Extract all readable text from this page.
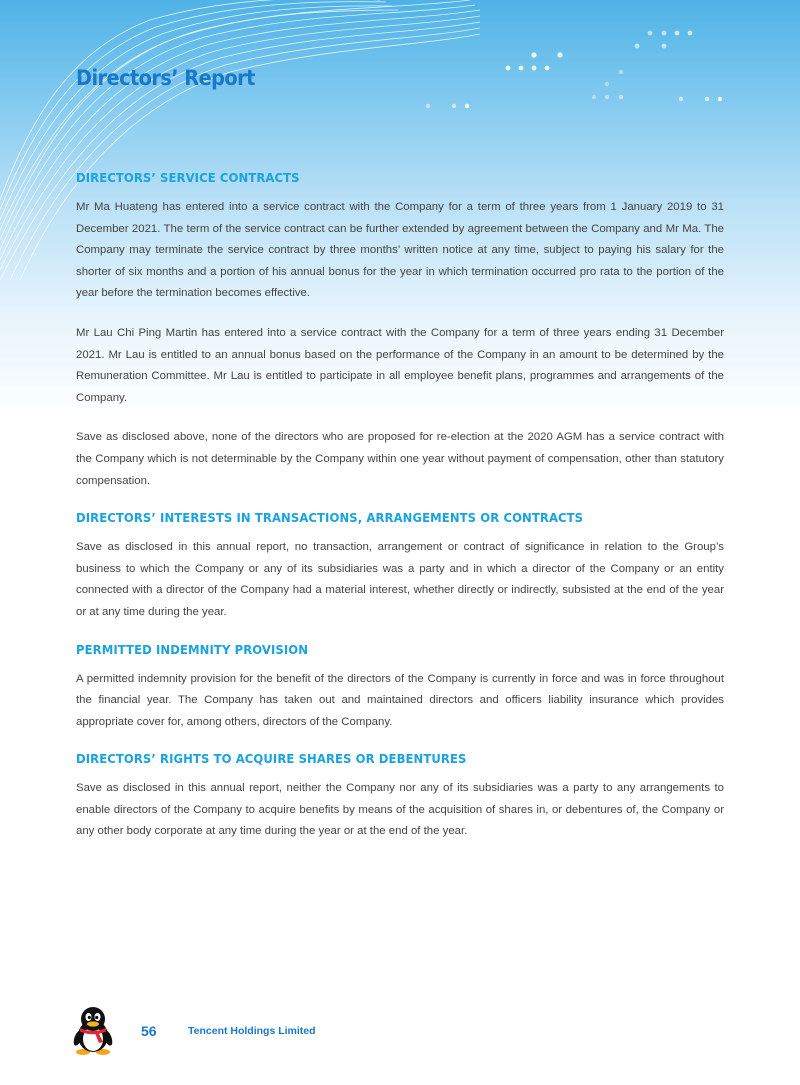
Directors’ Report
DIRECTORS’ SERVICE CONTRACTS

Mr Ma Huateng has entered into a service contract with the Company for a term of three years from 1 January 2019 to 31 December 2021. The term of the service contract can be further extended by agreement between the Company and Mr Ma. The Company may terminate the service contract by three months’ written notice at any time, subject to paying his salary for the shorter of six months and a portion of his annual bonus for the year in which termination occurred pro rata to the portion of the year before the termination becomes effective.

Mr Lau Chi Ping Martin has entered into a service contract with the Company for a term of three years ending 31 December 2021. Mr Lau is entitled to an annual bonus based on the performance of the Company in an amount to be determined by the Remuneration Committee. Mr Lau is entitled to participate in all employee benefit plans, programmes and arrangements of the Company.

Save as disclosed above, none of the directors who are proposed for re-election at the 2020 AGM has a service contract with the Company which is not determinable by the Company within one year without payment of compensation, other than statutory compensation.

DIRECTORS’ INTERESTS IN TRANSACTIONS, ARRANGEMENTS OR CONTRACTS

Save as disclosed in this annual report, no transaction, arrangement or contract of significance in relation to the Group’s business to which the Company or any of its subsidiaries was a party and in which a director of the Company or an entity connected with a director of the Company had a material interest, whether directly or indirectly, subsisted at the end of the year or at any time during the year.

PERMITTED INDEMNITY PROVISION

A permitted indemnity provision for the benefit of the directors of the Company is currently in force and was in force throughout the financial year. The Company has taken out and maintained directors and officers liability insurance which provides appropriate cover for, among others, directors of the Company.

DIRECTORS’ RIGHTS TO ACQUIRE SHARES OR DEBENTURES

Save as disclosed in this annual report, neither the Company nor any of its subsidiaries was a party to any arrangements to enable directors of the Company to acquire benefits by means of the acquisition of shares in, or debentures of, the Company or any other body corporate at any time during the year or at the end of the year.

56	Tencent Holdings Limited
